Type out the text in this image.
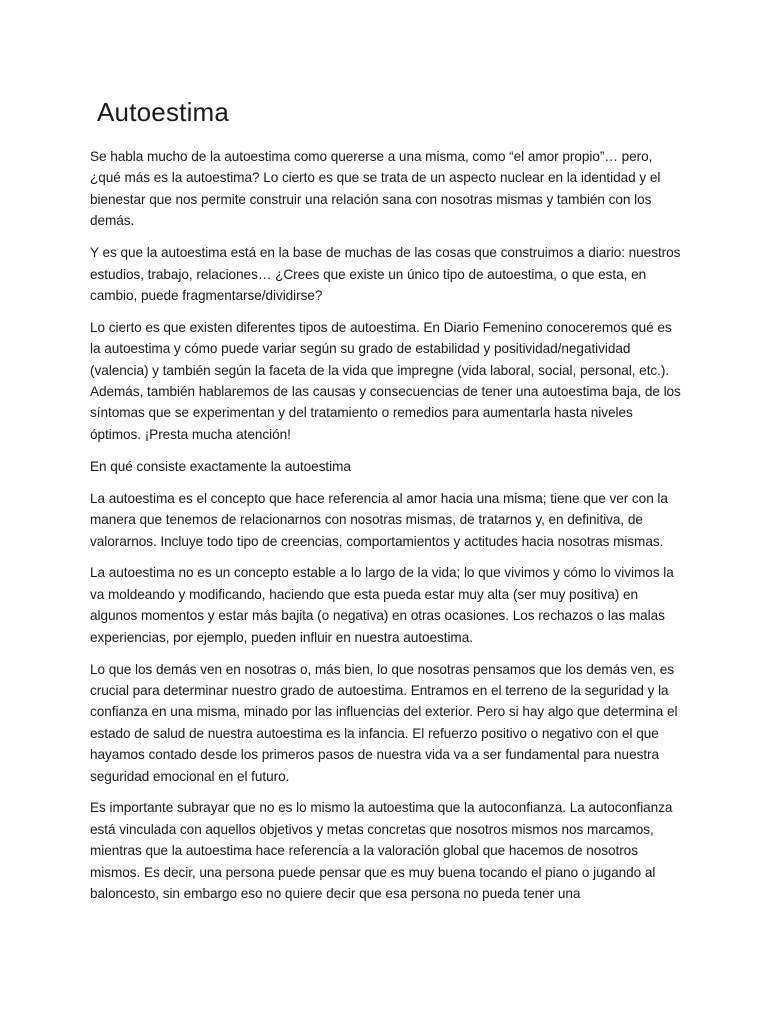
Autoestima

Se habla mucho de la autoestima como quererse a una misma, como “el amor propio”… pero, ¿qué más es la autoestima? Lo cierto es que se trata de un aspecto nuclear en la identidad y el bienestar que nos permite construir una relación sana con nosotras mismas y también con los demás.

Y es que la autoestima está en la base de muchas de las cosas que construimos a diario: nuestros estudios, trabajo, relaciones… ¿Crees que existe un único tipo de autoestima, o que esta, en cambio, puede fragmentarse/dividirse?

Lo cierto es que existen diferentes tipos de autoestima. En Diario Femenino conoceremos qué es la autoestima y cómo puede variar según su grado de estabilidad y positividad/negatividad (valencia) y también según la faceta de la vida que impregne (vida laboral, social, personal, etc.). Además, también hablaremos de las causas y consecuencias de tener una autoestima baja, de los síntomas que se experimentan y del tratamiento o remedios para aumentarla hasta niveles óptimos. ¡Presta mucha atención!

En qué consiste exactamente la autoestima

La autoestima es el concepto que hace referencia al amor hacia una misma; tiene que ver con la manera que tenemos de relacionarnos con nosotras mismas, de tratarnos y, en definitiva, de valorarnos. Incluye todo tipo de creencias, comportamientos y actitudes hacia nosotras mismas.

La autoestima no es un concepto estable a lo largo de la vida; lo que vivimos y cómo lo vivimos la va moldeando y modificando, haciendo que esta pueda estar muy alta (ser muy positiva) en algunos momentos y estar más bajita (o negativa) en otras ocasiones. Los rechazos o las malas experiencias, por ejemplo, pueden influir en nuestra autoestima.

Lo que los demás ven en nosotras o, más bien, lo que nosotras pensamos que los demás ven, es crucial para determinar nuestro grado de autoestima. Entramos en el terreno de la seguridad y la confianza en una misma, minado por las influencias del exterior. Pero si hay algo que determina el estado de salud de nuestra autoestima es la infancia. El refuerzo positivo o negativo con el que hayamos contado desde los primeros pasos de nuestra vida va a ser fundamental para nuestra seguridad emocional en el futuro.

Es importante subrayar que no es lo mismo la autoestima que la autoconfianza. La autoconfianza está vinculada con aquellos objetivos y metas concretas que nosotros mismos nos marcamos, mientras que la autoestima hace referencia a la valoración global que hacemos de nosotros mismos. Es decir, una persona puede pensar que es muy buena tocando el piano o jugando al baloncesto, sin embargo eso no quiere decir que esa persona no pueda tener una
